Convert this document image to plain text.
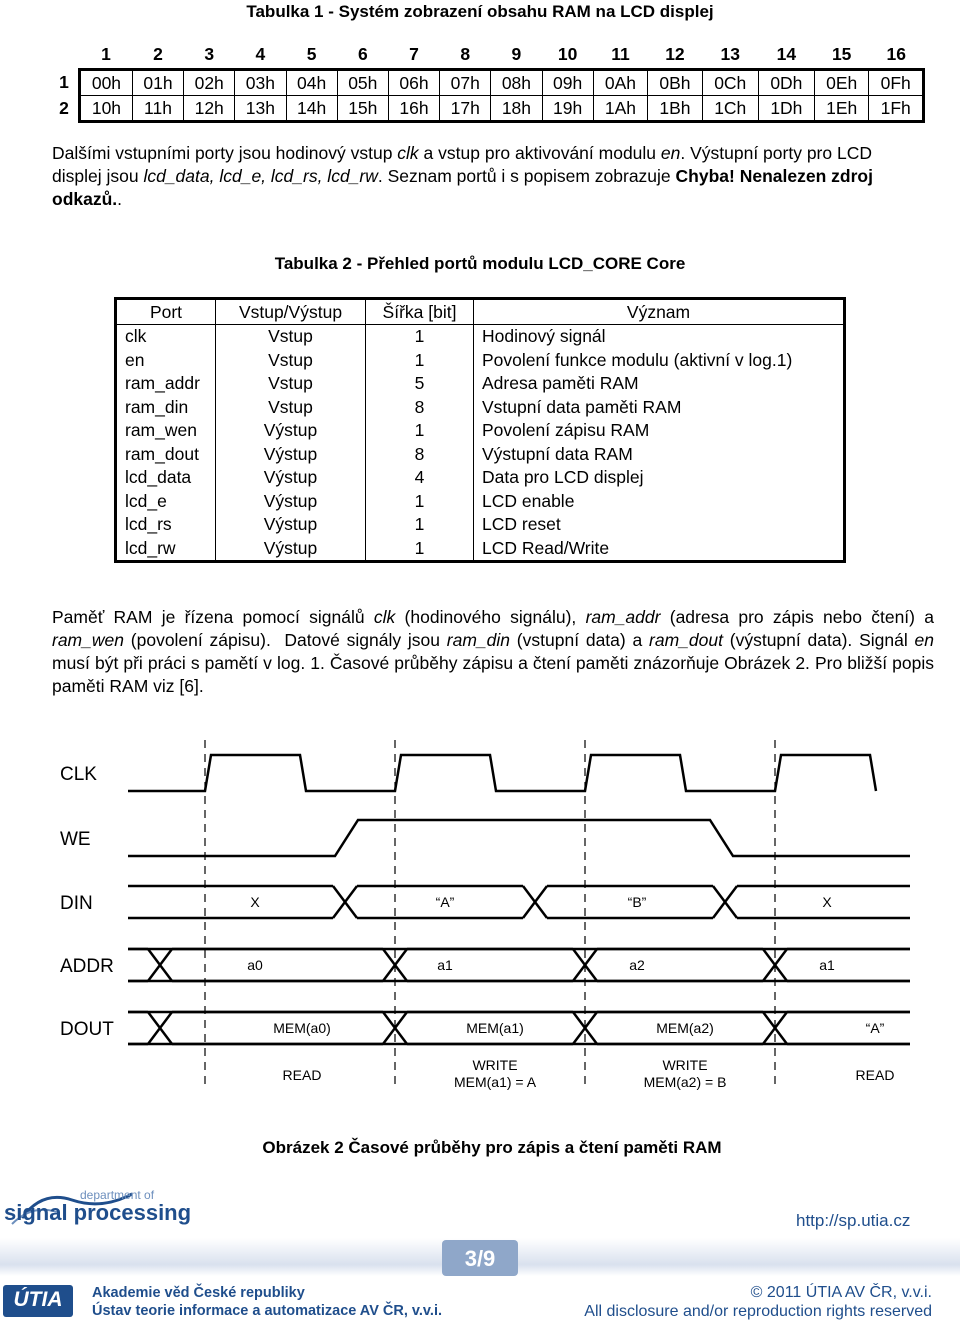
Tabulka 1 - Systém zobrazení obsahu RAM na LCD displej
	1	2	3	4	5	6	7	8	9	10	11	12	13	14	15	16
1	00h	01h	02h	03h	04h	05h	06h	07h	08h	09h	0Ah	0Bh	0Ch	0Dh	0Eh	0Fh
2	10h	11h	12h	13h	14h	15h	16h	17h	18h	19h	1Ah	1Bh	1Ch	1Dh	1Eh	1Fh
Dalšími vstupními porty jsou hodinový vstup clk a vstup pro aktivování modulu en. Výstupní porty pro LCD displej jsou lcd_data, lcd_e, lcd_rs, lcd_rw. Seznam portů i s popisem zobrazuje Chyba! Nenalezen zdroj odkazů..
Tabulka 2 - Přehled portů modulu LCD_CORE Core
Port	Vstup/Výstup	Šířka [bit]	Význam
clk	Vstup	1	Hodinový signál
en	Vstup	1	Povolení funkce modulu (aktivní v log.1)
ram_addr	Vstup	5	Adresa paměti RAM
ram_din	Vstup	8	Vstupní data paměti RAM
ram_wen	Výstup	1	Povolení zápisu RAM
ram_dout	Výstup	8	Výstupní data RAM
lcd_data	Výstup	4	Data pro LCD displej
lcd_e	Výstup	1	LCD enable
lcd_rs	Výstup	1	LCD reset
lcd_rw	Výstup	1	LCD Read/Write
Paměť RAM je řízena pomocí signálů clk (hodinového signálu), ram_addr (adresa pro zápis nebo čtení) a ram_wen (povolení zápisu).  Datové signály jsou ram_din (vstupní data) a ram_dout (výstupní data). Signál en musí být při práci s pamětí v log. 1. Časové průběhy zápisu a čtení paměti znázorňuje Obrázek 2. Pro bližší popis paměti RAM viz [6].
CLK
WE
DIN
ADDR
DOUT
X	“A”	“B”	X
a0	a1	a2	a1
MEM(a0)	MEM(a1)	MEM(a2)	“A”
READ
WRITE
MEM(a1) = A
WRITE
MEM(a2) = B	READ
Obrázek 2 Časové průběhy pro zápis a čtení paměti RAM
department of
signal processing	http://sp.utia.cz
3/9
ÚTIA	Akademie věd České republiky
Ústav teorie informace a automatizace AV ČR, v.v.i.
© 2011 ÚTIA AV ČR, v.v.i.
All disclosure and/or reproduction rights reserved
